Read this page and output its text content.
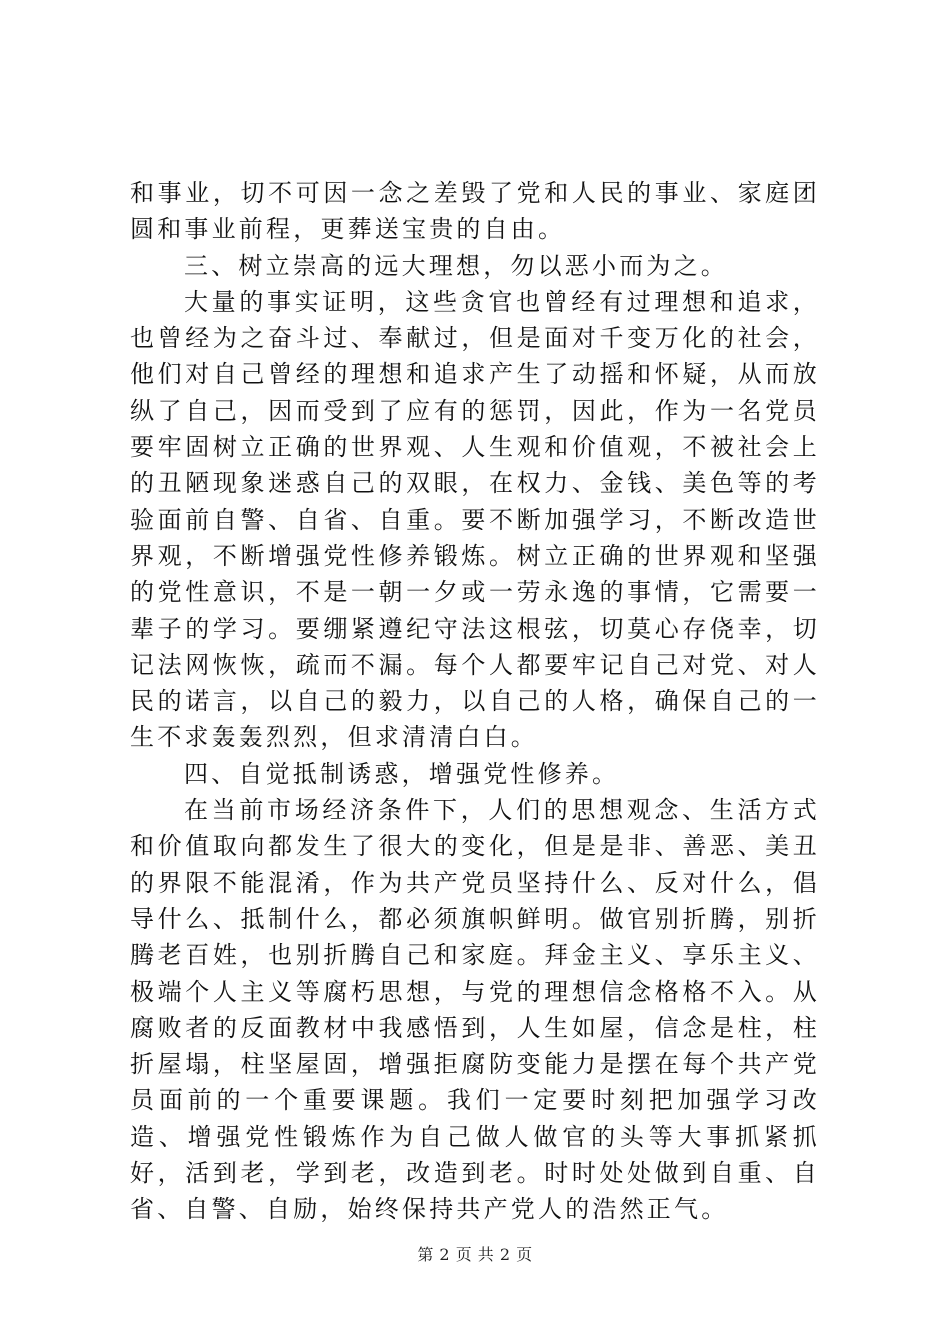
和事业，切不可因一念之差毁了党和人民的事业、家庭团圆和事业前程，更葬送宝贵的自由。

三、树立崇高的远大理想，勿以恶小而为之。

大量的事实证明，这些贪官也曾经有过理想和追求，也曾经为之奋斗过、奉献过，但是面对千变万化的社会，他们对自己曾经的理想和追求产生了动摇和怀疑，从而放纵了自己，因而受到了应有的惩罚，因此，作为一名党员要牢固树立正确的世界观、人生观和价值观，不被社会上的丑陋现象迷惑自己的双眼，在权力、金钱、美色等的考验面前自警、自省、自重。要不断加强学习，不断改造世界观，不断增强党性修养锻炼。树立正确的世界观和坚强的党性意识，不是一朝一夕或一劳永逸的事情，它需要一辈子的学习。要绷紧遵纪守法这根弦，切莫心存侥幸，切记法网恢恢，疏而不漏。每个人都要牢记自己对党、对人民的诺言，以自己的毅力，以自己的人格，确保自己的一生不求轰轰烈烈，但求清清白白。

四、自觉抵制诱惑，增强党性修养。

在当前市场经济条件下，人们的思想观念、生活方式和价值取向都发生了很大的变化，但是是非、善恶、美丑的界限不能混淆，作为共产党员坚持什么、反对什么，倡导什么、抵制什么，都必须旗帜鲜明。做官别折腾，别折腾老百姓，也别折腾自己和家庭。拜金主义、享乐主义、极端个人主义等腐朽思想，与党的理想信念格格不入。从腐败者的反面教材中我感悟到，人生如屋，信念是柱，柱折屋塌，柱坚屋固，增强拒腐防变能力是摆在每个共产党员面前的一个重要课题。我们一定要时刻把加强学习改造、增强党性锻炼作为自己做人做官的头等大事抓紧抓好，活到老，学到老，改造到老。时时处处做到自重、自省、自警、自励，始终保持共产党人的浩然正气。

第 2 页 共 2 页
